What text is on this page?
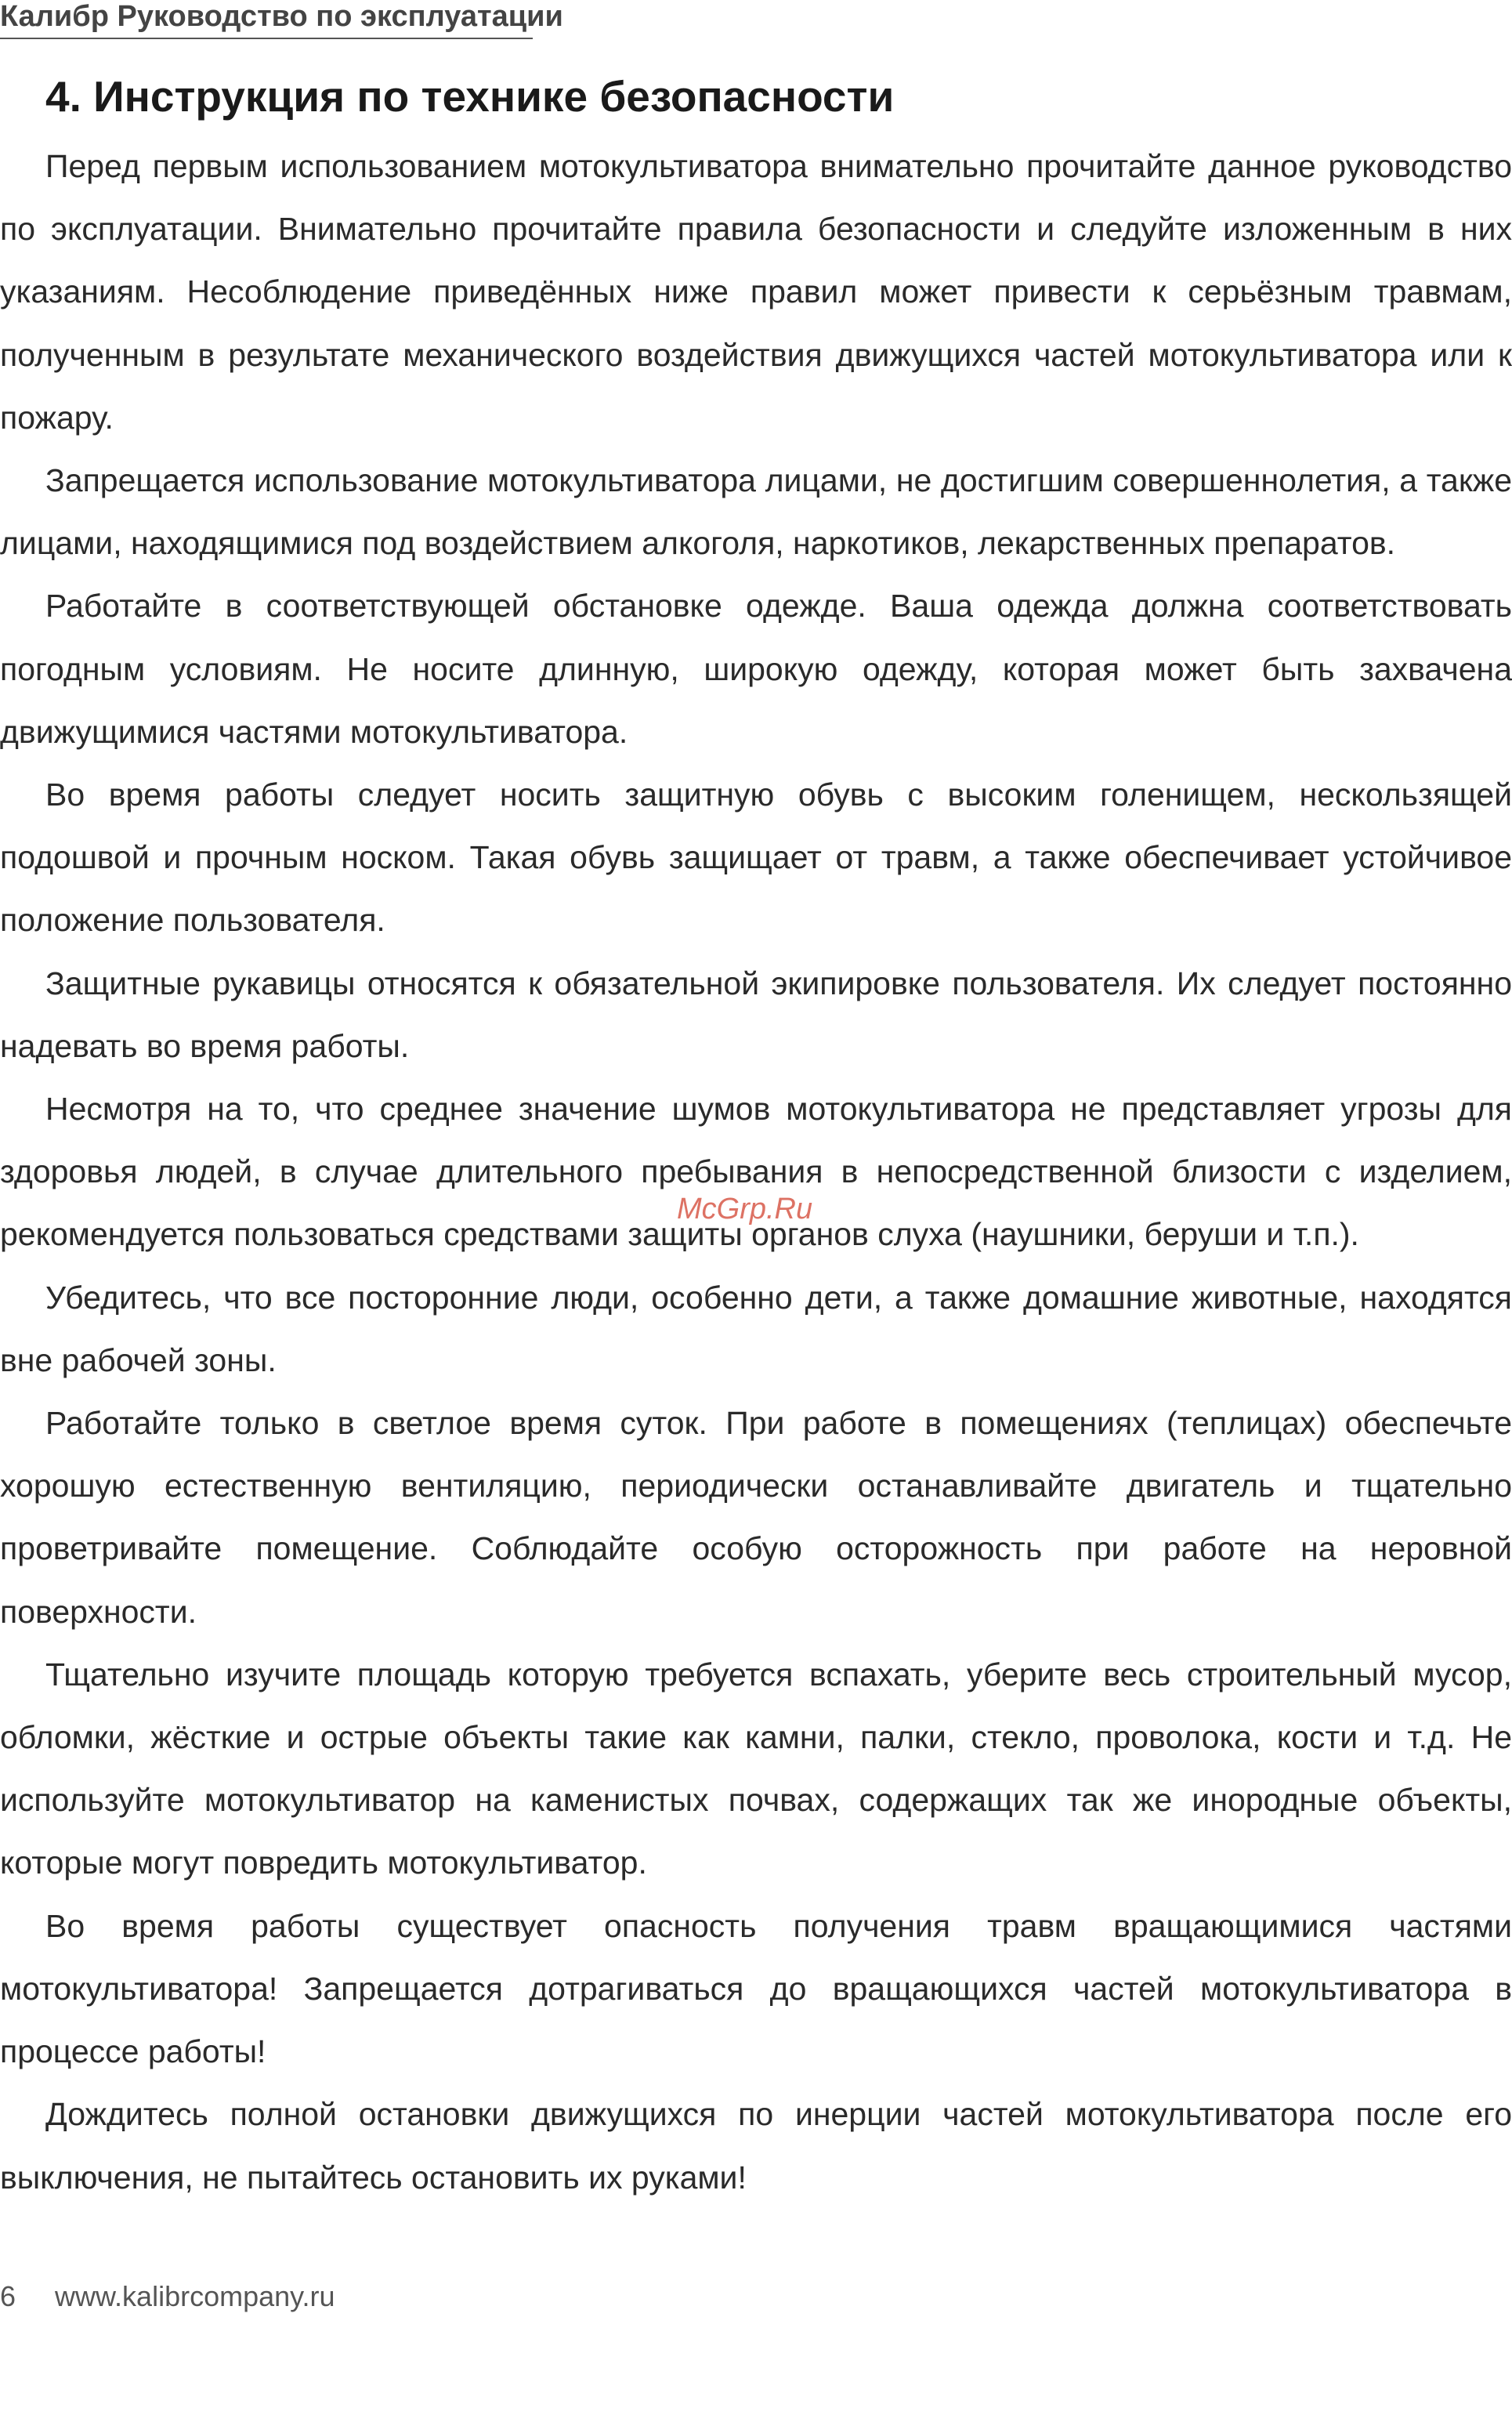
Калибр Руководство по эксплуатации
4. Инструкция по технике безопасности

Перед первым использованием мотокультиватора внимательно прочитайте данное руководство по эксплуатации. Внимательно прочитайте правила безопасности и следуйте изложенным в них указаниям. Несоблюдение приведённых ниже правил может привести к серьёзным травмам, полученным в результате механического воздействия движущихся частей мотокультиватора или к пожару.

Запрещается использование мотокультиватора лицами, не достигшим совершеннолетия, а также лицами, находящимися под воздействием алкоголя, наркотиков, лекарственных препаратов.

Работайте в соответствующей обстановке одежде. Ваша одежда должна соответствовать погодным условиям. Не носите длинную, широкую одежду, которая может быть захвачена движущимися частями мотокультиватора.

Во время работы следует носить защитную обувь с высоким голенищем, нескользящей подошвой и прочным носком. Такая обувь защищает от травм, а также обеспечивает устойчивое положение пользователя.

Защитные рукавицы относятся к обязательной экипировке пользователя. Их следует постоянно надевать во время работы.

Несмотря на то, что среднее значение шумов мотокультиватора не представляет угрозы для здоровья людей, в случае длительного пребывания в непосредственной близости с изделием, рекомендуется пользоваться средствами защиты органов слуха (наушники, беруши и т.п.).

Убедитесь, что все посторонние люди, особенно дети, а также домашние животные, находятся вне рабочей зоны.

Работайте только в светлое время суток. При работе в помещениях (теплицах) обеспечьте хорошую естественную вентиляцию, периодически останавливайте двигатель и тщательно проветривайте помещение. Соблюдайте особую осторожность при работе на неровной поверхности.

Тщательно изучите площадь которую требуется вспахать, уберите весь строительный мусор, обломки, жёсткие и острые объекты такие как камни, палки, стекло, проволока, кости и т.д. Не используйте мотокультиватор на каменистых почвах, содержащих так же инородные объекты, которые могут повредить мотокультиватор.

Во время работы существует опасность получения травм вращающимися частями мотокультиватора! Запрещается дотрагиваться до вращающихся частей мотокультиватора в процессе работы!

Дождитесь полной остановки движущихся по инерции частей мотокультиватора после его выключения, не пытайтесь остановить их руками!

McGrp.Ru
6 www.kalibrcompany.ru
